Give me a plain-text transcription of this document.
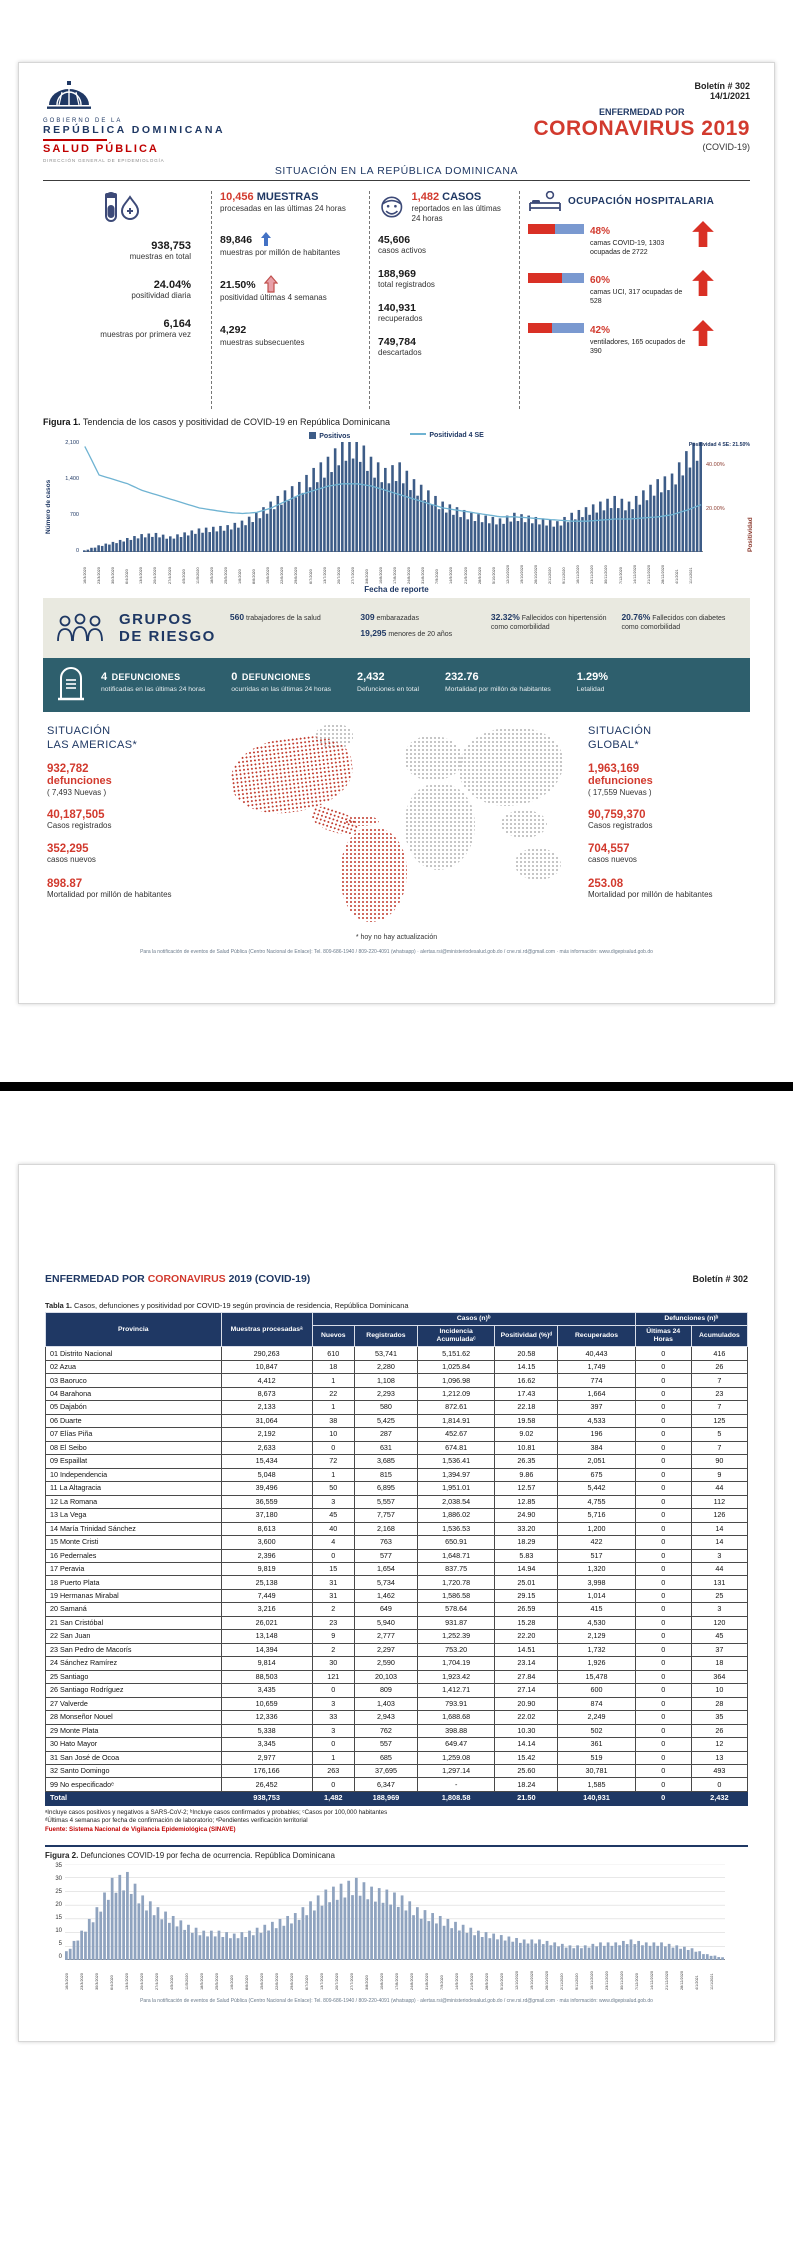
GOBIERNO DE LA
REPÚBLICA DOMINICANA
SALUD PÚBLICA
DIRECCIÓN GENERAL DE EPIDEMIOLOGÍA
Boletín # 302
14/1/2021
ENFERMEDAD POR
CORONAVIRUS 2019
(COVID-19)
SITUACIÓN EN LA REPÚBLICA DOMINICANA
938,753
muestras en total
24.04%
positividad diaria
6,164
muestras por primera vez
10,456 MUESTRAS
procesadas en las últimas 24 horas
89,846
muestras por millón de habitantes
21.50%
positividad últimas 4 semanas
4,292
muestras subsecuentes
1,482 CASOS
reportados en las últimas 24 horas
45,606
casos activos
188,969
total registrados
140,931
recuperados
749,784
descartados
OCUPACIÓN HOSPITALARIA
48%
camas COVID-19, 1303 ocupadas de 2722
60%
camas UCI, 317 ocupadas de 528
42%
ventiladores, 165 ocupados de 390
Figura 1. Tendencia de los casos y positividad de COVID-19 en República Dominicana
Positivos	Positividad 4 SE
2,100
1,400
700
0
Número de casos
Positividad 4 SE: 21.50%
40.00%
20.00%
Positividad
16/3/2020	23/3/2020	30/3/2020	6/4/2020	13/4/2020	20/4/2020	27/4/2020	4/5/2020	11/5/2020	18/5/2020	25/5/2020	1/6/2020	8/6/2020	15/6/2020	22/6/2020	29/6/2020	6/7/2020	13/7/2020	20/7/2020	27/7/2020	3/8/2020	10/8/2020	17/8/2020	24/8/2020	31/8/2020	7/9/2020	14/9/2020	21/9/2020	28/9/2020	5/10/2020	12/10/2020	19/10/2020	26/10/2020	2/11/2020	9/11/2020	16/11/2020	23/11/2020	30/11/2020	7/12/2020	14/12/2020	21/12/2020	28/12/2020	4/1/2021	11/1/2021
Fecha de reporte
GRUPOS
DE RIESGO
560 trabajadores de la salud	309 embarazadas
19,295 menores de 20 años
32.32% Fallecidos con hipertensión como comorbilidad
20.76% Fallecidos con diabetes como comorbilidad
4 DEFUNCIONES
notificadas en las últimas 24 horas
0 DEFUNCIONES
ocurridas en las últimas 24 horas
2,432
Defunciones en total
232.76
Mortalidad por millón de habitantes
1.29%
Letalidad
SITUACIÓN
LAS AMERICAS*
932,782
defunciones
( 7,493 Nuevas )
40,187,505
Casos registrados
352,295
casos nuevos
898.87
Mortalidad por millón de habitantes
* hoy no hay actualización
SITUACIÓN
GLOBAL*
1,963,169
defunciones
( 17,559 Nuevas )
90,759,370
Casos registrados
704,557
casos nuevos
253.08
Mortalidad por millón de habitantes
Para la notificación de eventos de Salud Pública (Centro Nacional de Enlace): Tel. 809-686-1940 / 809-220-4091 (whatsapp) · alertas.rsi@ministeriodesalud.gob.do / cne.rsi.rd@gmail.com · más información: www.digepisalud.gob.do
ENFERMEDAD POR CORONAVIRUS 2019 (COVID-19)	Boletín # 302
Tabla 1. Casos, defunciones y positividad por COVID-19 según provincia de residencia, República Dominicana
Provincia	Muestras procesadasᵃ	Casos (n)ᵇ					Defunciones (n)ᵇ	
		Nuevos	Registrados	Incidencia Acumuladaᶜ	Positividad (%)ᵈ	Recuperados	Últimas 24 Horas	Acumulados
01 Distrito Nacional	290,263	610	53,741	5,151.62	20.58	40,443	0	416
02 Azua	10,847	18	2,280	1,025.84	14.15	1,749	0	26
03 Baoruco	4,412	1	1,108	1,096.98	16.62	774	0	7
04 Barahona	8,673	22	2,293	1,212.09	17.43	1,664	0	23
05 Dajabón	2,133	1	580	872.61	22.18	397	0	7
06 Duarte	31,064	38	5,425	1,814.91	19.58	4,533	0	125
07 Elías Piña	2,192	10	287	452.67	9.02	196	0	5
08 El Seibo	2,633	0	631	674.81	10.81	384	0	7
09 Espaillat	15,434	72	3,685	1,536.41	26.35	2,051	0	90
10 Independencia	5,048	1	815	1,394.97	9.86	675	0	9
11 La Altagracia	39,496	50	6,895	1,951.01	12.57	5,442	0	44
12 La Romana	36,559	3	5,557	2,038.54	12.85	4,755	0	112
13 La Vega	37,180	45	7,757	1,886.02	24.90	5,716	0	126
14 María Trinidad Sánchez	8,613	40	2,168	1,536.53	33.20	1,200	0	14
15 Monte Cristi	3,600	4	763	650.91	18.29	422	0	14
16 Pedernales	2,396	0	577	1,648.71	5.83	517	0	3
17 Peravia	9,819	15	1,654	837.75	14.94	1,320	0	44
18 Puerto Plata	25,138	31	5,734	1,720.78	25.01	3,998	0	131
19 Hermanas Mirabal	7,449	31	1,462	1,586.58	29.15	1,014	0	25
20 Samaná	3,216	2	649	578.64	26.59	415	0	3
21 San Cristóbal	26,021	23	5,940	931.87	15.28	4,530	0	120
22 San Juan	13,148	9	2,777	1,252.39	22.20	2,129	0	45
23 San Pedro de Macorís	14,394	2	2,297	753.20	14.51	1,732	0	37
24 Sánchez Ramírez	9,814	30	2,590	1,704.19	23.14	1,926	0	18
25 Santiago	88,503	121	20,103	1,923.42	27.84	15,478	0	364
26 Santiago Rodríguez	3,435	0	809	1,412.71	27.14	600	0	10
27 Valverde	10,659	3	1,403	793.91	20.90	874	0	28
28 Monseñor Nouel	12,336	33	2,943	1,688.68	22.02	2,249	0	35
29 Monte Plata	5,338	3	762	398.88	10.30	502	0	26
30 Hato Mayor	3,345	0	557	649.47	14.14	361	0	12
31 San José de Ocoa	2,977	1	685	1,259.08	15.42	519	0	13
32 Santo Domingo	176,166	263	37,695	1,297.14	25.60	30,781	0	493
99 No especificadoᵉ	26,452	0	6,347	-	18.24	1,585	0	0
Total	938,753	1,482	188,969	1,808.58	21.50	140,931	0	2,432
ᵃIncluye casos positivos y negativos a SARS-CoV-2; ᵇIncluye casos confirmados y probables; ᶜCasos por 100,000 habitantes
ᵈÚltimas 4 semanas por fecha de confirmación de laboratorio; ᵉPendientes verificación territorial
Fuente: Sistema Nacional de Vigilancia Epidemiológica (SINAVE)
Figura 2. Defunciones COVID-19 por fecha de ocurrencia. República Dominicana
35
30
25
20
15
10
5
0
16/3/2020	23/3/2020	30/3/2020	6/4/2020	13/4/2020	20/4/2020	27/4/2020	4/5/2020	11/5/2020	18/5/2020	25/5/2020	1/6/2020	8/6/2020	15/6/2020	22/6/2020	29/6/2020	6/7/2020	13/7/2020	20/7/2020	27/7/2020	3/8/2020	10/8/2020	17/8/2020	24/8/2020	31/8/2020	7/9/2020	14/9/2020	21/9/2020	28/9/2020	5/10/2020	12/10/2020	19/10/2020	26/10/2020	2/11/2020	9/11/2020	16/11/2020	23/11/2020	30/11/2020	7/12/2020	14/12/2020	21/12/2020	28/12/2020	4/1/2021	11/1/2021
Para la notificación de eventos de Salud Pública (Centro Nacional de Enlace): Tel. 809-686-1940 / 809-220-4091 (whatsapp) · alertas.rsi@ministeriodesalud.gob.do / cne.rsi.rd@gmail.com · más información: www.digepisalud.gob.do
